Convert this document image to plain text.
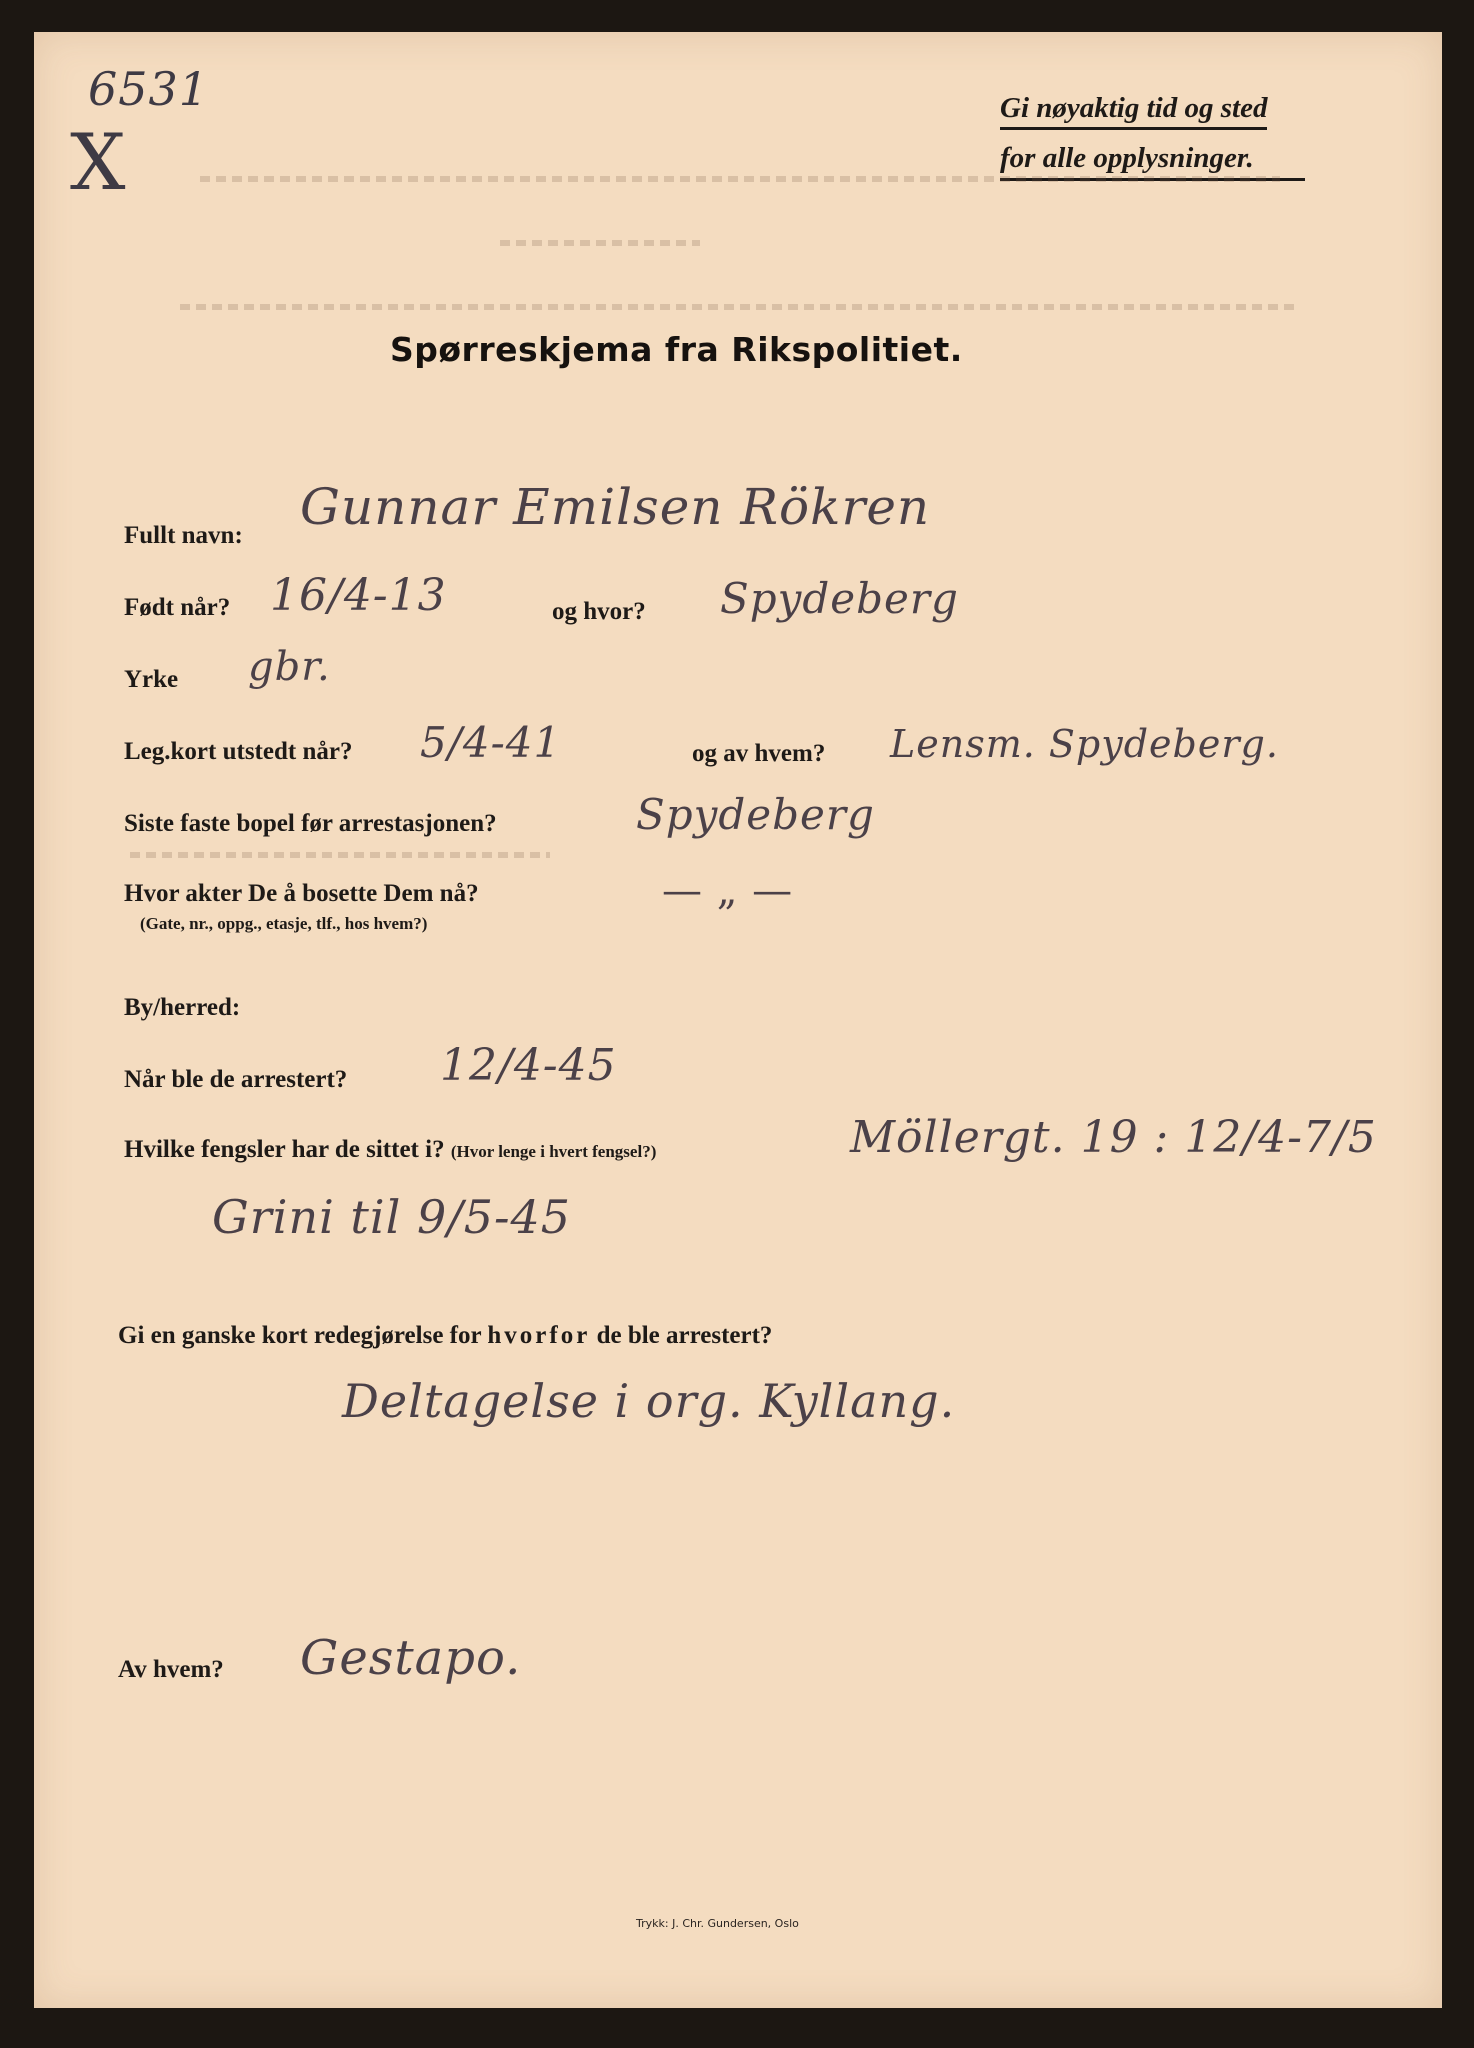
6531
X
Gi nøyaktig tid og sted
for alle opplysninger.
Spørreskjema fra Rikspolitiet.
Fullt navn: Gunnar Emilsen Rökren
Født når? 16/4-13	og hvor? Spydeberg
Yrke gbr.
Leg.kort utstedt når? 5/4-41	og av hvem? Lensm. Spydeberg.
Siste faste bopel før arrestasjonen?	Spydeberg
Hvor akter De å bosette Dem nå?
(Gate, nr., oppg., etasje, tlf., hos hvem?)
— „ —
By/herred:
Når ble de arrestert? 12/4-45
Hvilke fengsler har de sittet i? (Hvor lenge i hvert fengsel?)	Möllergt. 19 : 12/4-7/5
Grini til 9/5-45
Gi en ganske kort redegjørelse for hvorfor de ble arrestert?
Deltagelse i org. Kyllang.
Av hvem? Gestapo.
Trykk: J. Chr. Gundersen, Oslo
